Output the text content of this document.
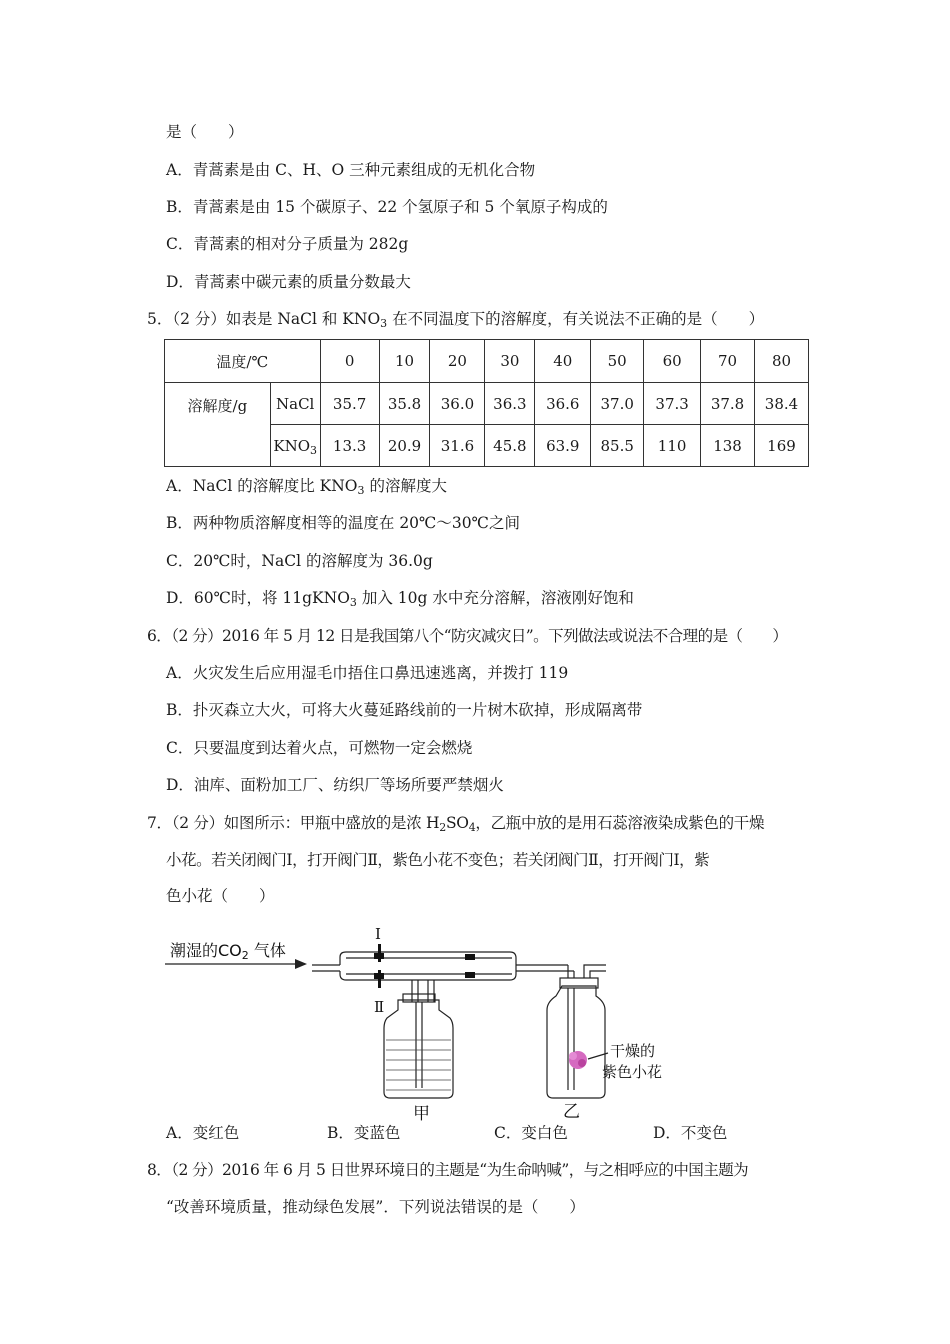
是（　　）
A．青蒿素是由 C、H、O 三种元素组成的无机化合物
B．青蒿素是由 15 个碳原子、22 个氢原子和 5 个氧原子构成的
C．青蒿素的相对分子质量为 282g
D．青蒿素中碳元素的质量分数最大
5．（2 分）如表是 NaCl 和 $KNO_3$ 在不同温度下的溶解度，有关说法不正确的是（　　）
温度/℃		0	10	20	30	40	50	60	70	80
溶解度/g	NaCl	35.7	35.8	36.0	36.3	36.6	37.0	37.3	37.8	38.4
	$KNO_3$	13.3	20.9	31.6	45.8	63.9	85.5	110	138	169
A．NaCl 的溶解度比 $KNO_3$ 的溶解度大
B．两种物质溶解度相等的温度在 20℃～30℃之间
C．20℃时，NaCl 的溶解度为 36.0g
D．60℃时，将 11gKNO$_3$ 加入 10g 水中充分溶解，溶液刚好饱和
6．（2 分）2016 年 5 月 12 日是我国第八个“防灾减灾日”。下列做法或说法不合理的是（　　）
A．火灾发生后应用湿毛巾捂住口鼻迅速逃离，并拨打 119
B．扑灭森立大火，可将大火蔓延路线前的一片树木砍掉，形成隔离带
C．只要温度到达着火点，可燃物一定会燃烧
D．油库、面粉加工厂、纺织厂等场所要严禁烟火
7．（2 分）如图所示：甲瓶中盛放的是浓 $H_2SO_4$，乙瓶中放的是用石蕊溶液染成紫色的干燥
小花。若关闭阀门Ⅰ，打开阀门Ⅱ，紫色小花不变色；若关闭阀门Ⅱ，打开阀门Ⅰ，紫
色小花（　　）
潮湿的CO2 气体
Ⅰ
Ⅱ
甲	乙
干燥的
紫色小花
A．变红色	B．变蓝色	C．变白色	D．不变色
8．（2 分）2016 年 6 月 5 日世界环境日的主题是“为生命呐喊”，与之相呼应的中国主题为
“改善环境质量，推动绿色发展”．下列说法错误的是（　　）
